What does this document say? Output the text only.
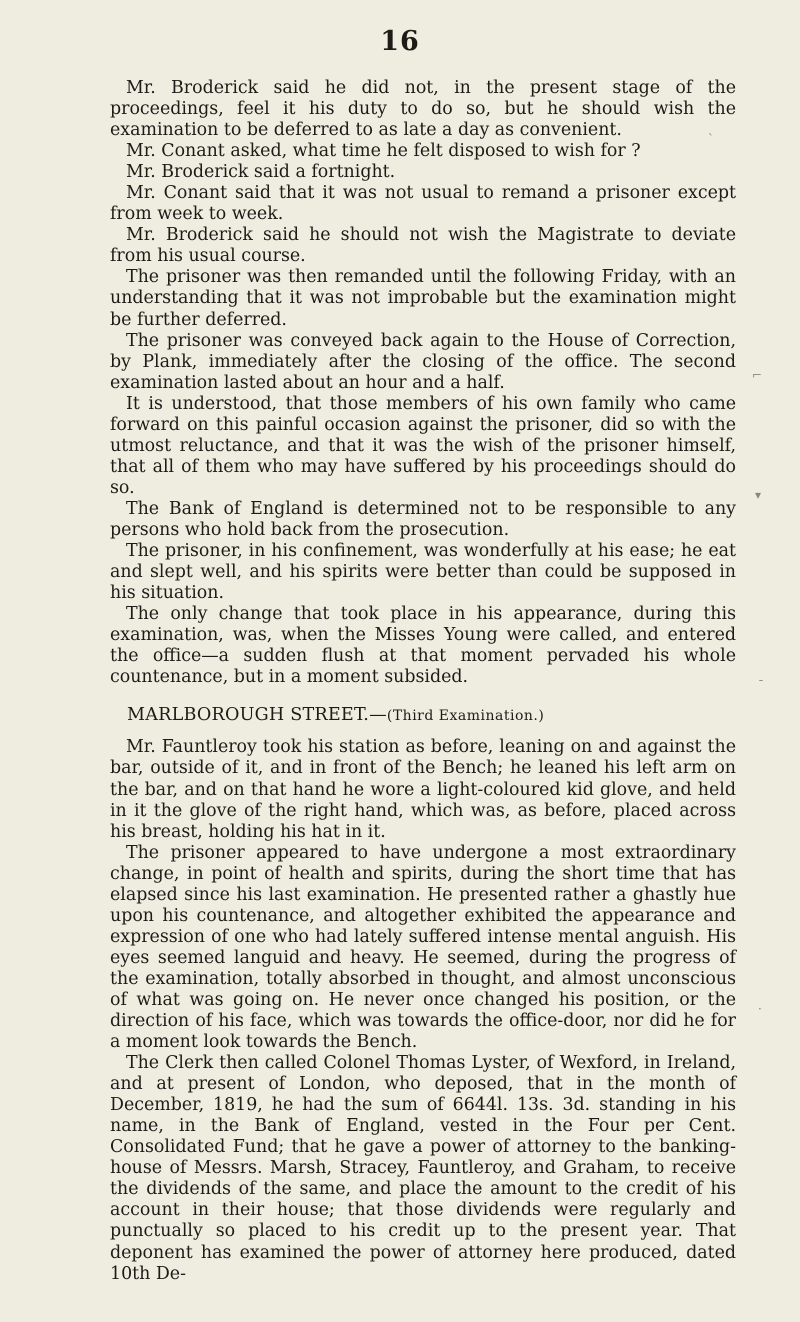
16

Mr. Broderick said he did not, in the present stage of the proceedings, feel it his duty to do so, but he should wish the examination to be deferred to as late a day as convenient.

Mr. Conant asked, what time he felt disposed to wish for ?

Mr. Broderick said a fortnight.

Mr. Conant said that it was not usual to remand a prisoner except from week to week.

Mr. Broderick said he should not wish the Magistrate to deviate from his usual course.

The prisoner was then remanded until the following Friday, with an understanding that it was not improbable but the examination might be further deferred.

The prisoner was conveyed back again to the House of Correction, by Plank, immediately after the closing of the office. The second examination lasted about an hour and a half.

It is understood, that those members of his own family who came forward on this painful occasion against the prisoner, did so with the utmost reluctance, and that it was the wish of the prisoner himself, that all of them who may have suffered by his proceedings should do so.

The Bank of England is determined not to be responsible to any persons who hold back from the prosecution.

The prisoner, in his confinement, was wonderfully at his ease; he eat and slept well, and his spirits were better than could be supposed in his situation.

The only change that took place in his appearance, during this examination, was, when the Misses Young were called, and entered the office—a sudden flush at that moment pervaded his whole countenance, but in a moment subsided.

MARLBOROUGH STREET.—(Third Examination.)

Mr. Fauntleroy took his station as before, leaning on and against the bar, outside of it, and in front of the Bench; he leaned his left arm on the bar, and on that hand he wore a light-coloured kid glove, and held in it the glove of the right hand, which was, as before, placed across his breast, holding his hat in it.

The prisoner appeared to have undergone a most extraordinary change, in point of health and spirits, during the short time that has elapsed since his last examination. He presented rather a ghastly hue upon his countenance, and altogether exhibited the appearance and expression of one who had lately suffered intense mental anguish. His eyes seemed languid and heavy. He seemed, during the progress of the examination, totally absorbed in thought, and almost unconscious of what was going on. He never once changed his position, or the direction of his face, which was towards the office-door, nor did he for a moment look towards the Bench.

The Clerk then called Colonel Thomas Lyster, of Wexford, in Ireland, and at present of London, who deposed, that in the month of December, 1819, he had the sum of 6644l. 13s. 3d. standing in his name, in the Bank of England, vested in the Four per Cent. Consolidated Fund; that he gave a power of attorney to the banking-house of Messrs. Marsh, Stracey, Fauntleroy, and Graham, to receive the dividends of the same, and place the amount to the credit of his account in their house; that those dividends were regularly and punctually so placed to his credit up to the present year. That deponent has examined the power of attorney here produced, dated 10th De-

ˋ
⌐
▾
ˍ
·
